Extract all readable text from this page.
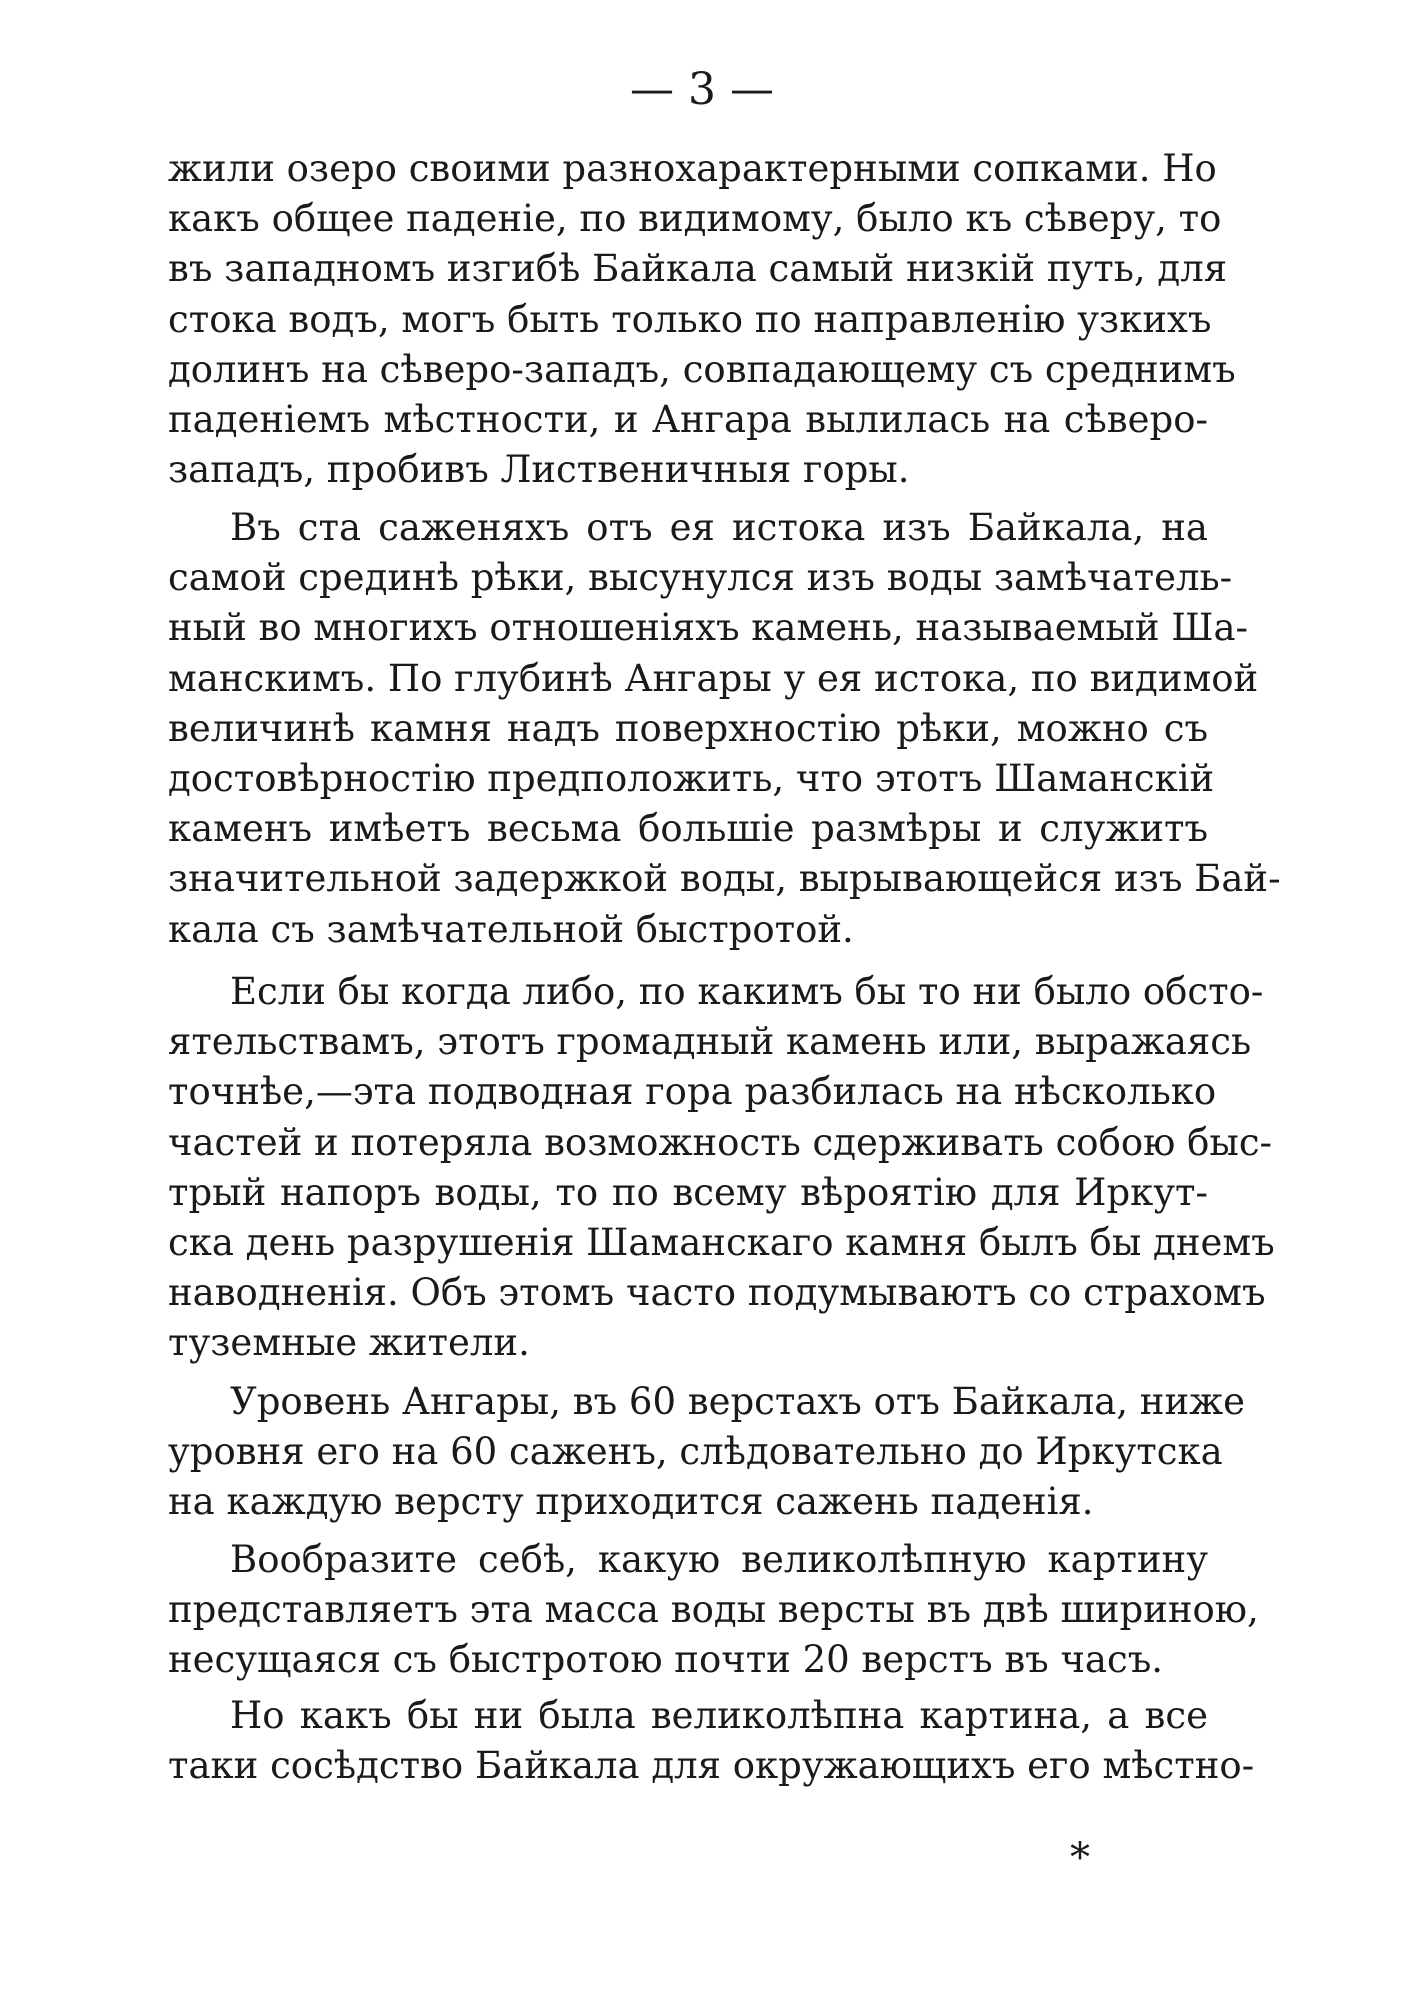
— 3 —
жили озеро своими разнохарактерными сопками. Но
какъ общее паденіе, по видимому, было къ сѣверу, то
въ западномъ изгибѣ Байкала самый низкій путь, для
стока водъ, могъ быть только по направленію узкихъ
долинъ на сѣверо-западъ, совпадающему съ среднимъ
паденіемъ мѣстности, и Ангара вылилась на сѣверо-
западъ, пробивъ Лиственичныя горы.
Въ ста саженяхъ отъ ея истока изъ Байкала, на
самой срединѣ рѣки, высунулся изъ воды замѣчатель-
ный во многихъ отношеніяхъ камень, называемый Ша-
манскимъ. По глубинѣ Ангары у ея истока, по видимой
величинѣ камня надъ поверхностію рѣки, можно съ
достовѣрностію предположить, что этотъ Шаманскій
каменъ имѣетъ весьма большіе размѣры и служитъ
значительной задержкой воды, вырывающейся изъ Бай-
кала съ замѣчательной быстротой.
Если бы когда либо, по какимъ бы то ни было обсто-
ятельствамъ, этотъ громадный камень или, выражаясь
точнѣе,—эта подводная гора разбилась на нѣсколько
частей и потеряла возможность сдерживать собою быс-
трый напоръ воды, то по всему вѣроятію для Иркут-
ска день разрушенія Шаманскаго камня былъ бы днемъ
наводненія. Объ этомъ часто подумываютъ со страхомъ
туземные жители.
Уровень Ангары, въ 60 верстахъ отъ Байкала, ниже
уровня его на 60 саженъ, слѣдовательно до Иркутска
на каждую версту приходится сажень паденія.
Вообразите себѣ, какую великолѣпную картину
представляетъ эта масса воды версты въ двѣ шириною,
несущаяся съ быстротою почти 20 верстъ въ часъ.
Но какъ бы ни была великолѣпна картина, а все
таки сосѣдство Байкала для окружающихъ его мѣстно-
*
